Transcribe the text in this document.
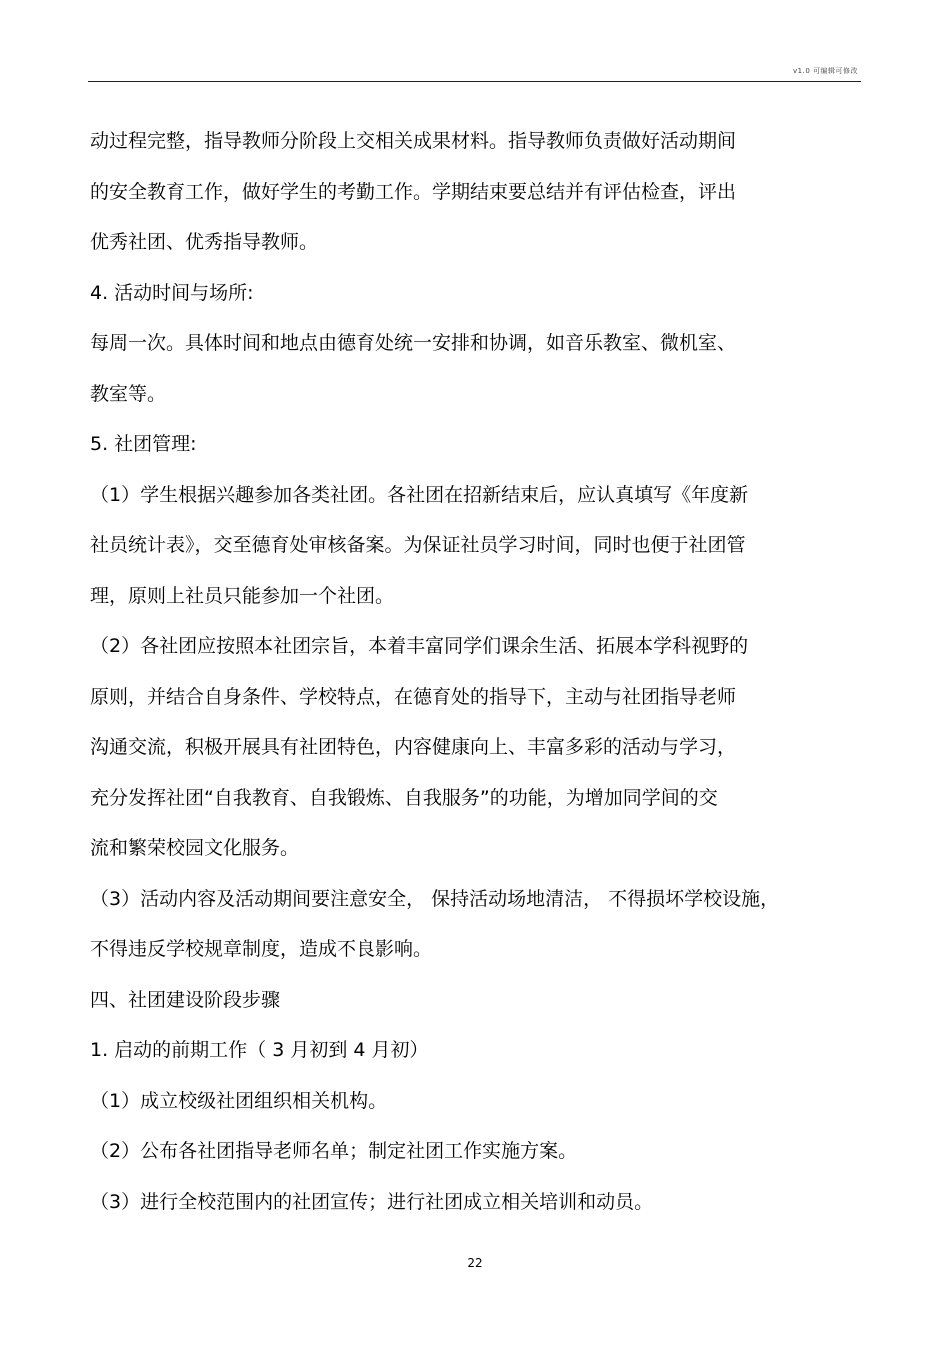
v1.0 可编辑可修改
动过程完整，指导教师分阶段上交相关成果材料。指导教师负责做好活动期间
的安全教育工作，做好学生的考勤工作。学期结束要总结并有评估检查，评出
优秀社团、优秀指导教师。
4. 活动时间与场所:
每周一次。具体时间和地点由德育处统一安排和协调，如音乐教室、微机室、
教室等。
5. 社团管理:
（1）学生根据兴趣参加各类社团。各社团在招新结束后，应认真填写《年度新
社员统计表》，交至德育处审核备案。为保证社员学习时间，同时也便于社团管
理，原则上社员只能参加一个社团。
（2）各社团应按照本社团宗旨，本着丰富同学们课余生活、拓展本学科视野的
原则，并结合自身条件、学校特点，在德育处的指导下，主动与社团指导老师
沟通交流，积极开展具有社团特色，内容健康向上、丰富多彩的活动与学习，
充分发挥社团“自我教育、自我锻炼、自我服务”的功能，为增加同学间的交
流和繁荣校园文化服务。
（3）活动内容及活动期间要注意安全， 保持活动场地清洁， 不得损坏学校设施，
不得违反学校规章制度，造成不良影响。
四、社团建设阶段步骤
1. 启动的前期工作（ 3 月初到 4 月初）
（1）成立校级社团组织相关机构。
（2）公布各社团指导老师名单；制定社团工作实施方案。
（3）进行全校范围内的社团宣传；进行社团成立相关培训和动员。
22
